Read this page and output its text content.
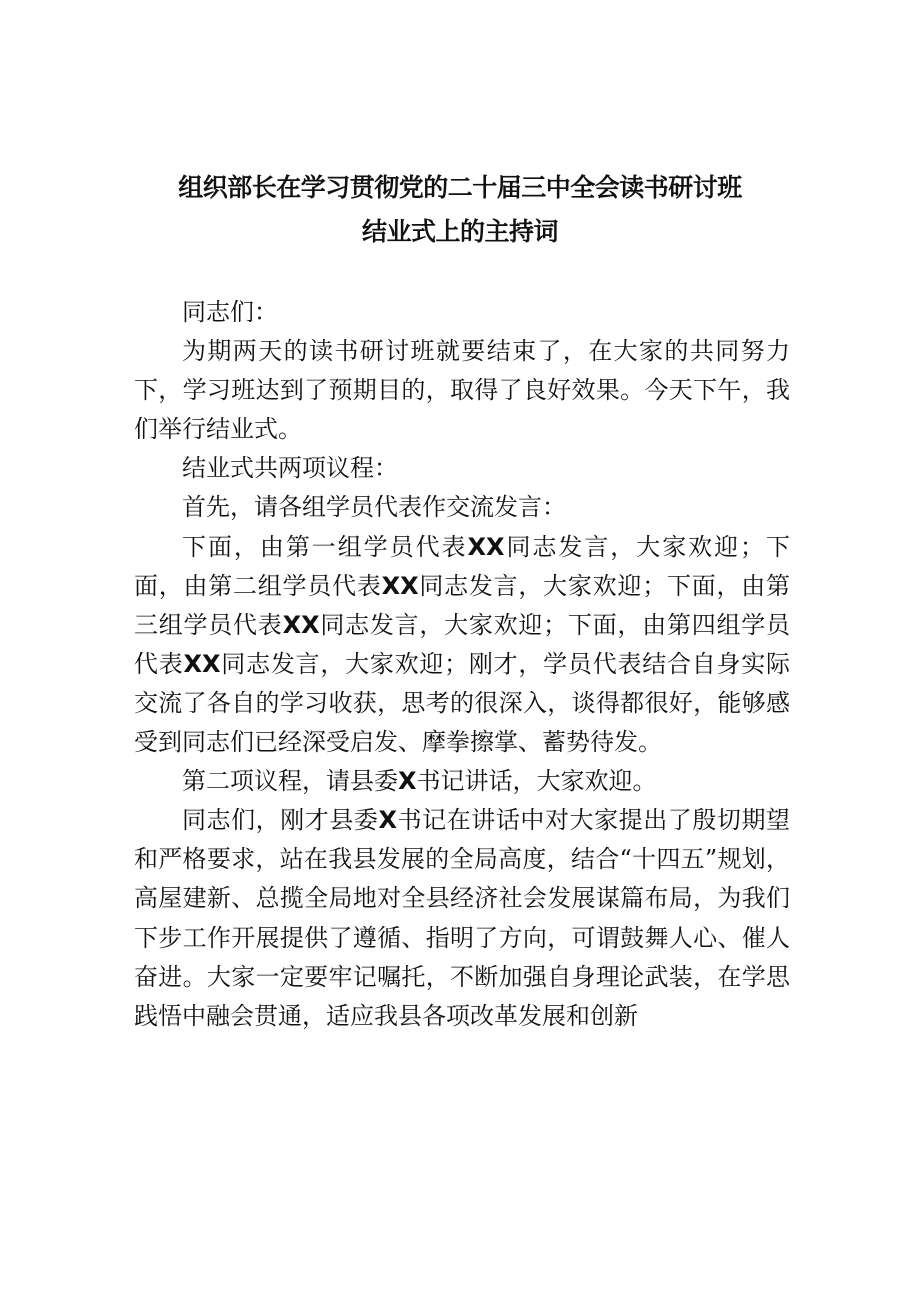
组织部长在学习贯彻党的二十届三中全会读书研讨班
结业式上的主持词

同志们：

为期两天的读书研讨班就要结束了，在大家的共同努力下，学习班达到了预期目的，取得了良好效果。今天下午，我们举行结业式。

结业式共两项议程：

首先，请各组学员代表作交流发言：

下面，由第一组学员代表XX同志发言，大家欢迎；下面，由第二组学员代表XX同志发言，大家欢迎；下面，由第三组学员代表XX同志发言，大家欢迎；下面，由第四组学员代表XX同志发言，大家欢迎；刚才，学员代表结合自身实际交流了各自的学习收获，思考的很深入，谈得都很好，能够感受到同志们已经深受启发、摩拳擦掌、蓄势待发。

第二项议程，请县委X书记讲话，大家欢迎。

同志们，刚才县委X书记在讲话中对大家提出了殷切期望和严格要求，站在我县发展的全局高度，结合“十四五”规划，高屋建新、总揽全局地对全县经济社会发展谋篇布局，为我们下步工作开展提供了遵循、指明了方向，可谓鼓舞人心、催人奋进。大家一定要牢记嘱托，不断加强自身理论武装，在学思践悟中融会贯通，适应我县各项改革发展和创新
